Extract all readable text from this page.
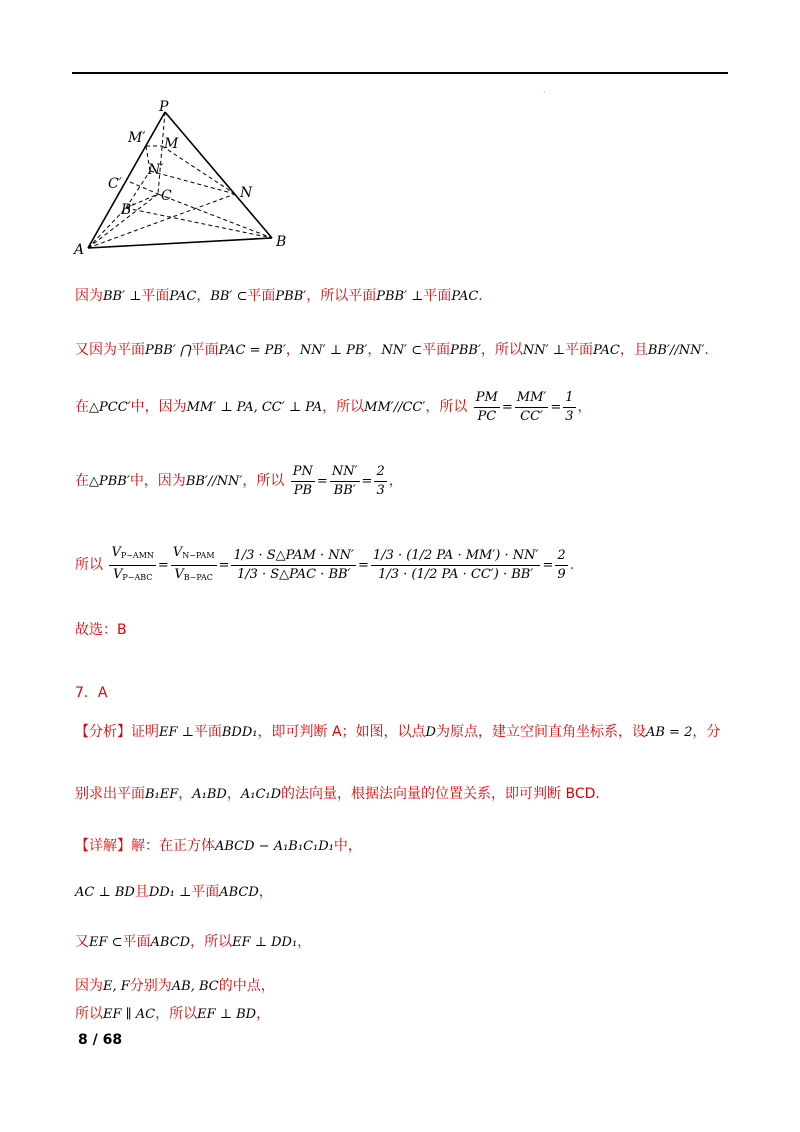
·
P
M′ M
N′
C′
C	N
B′
A	B
因为BB′ ⊥平面PAC，BB′ ⊂平面PBB′，所以平面PBB′ ⊥平面PAC.
又因为平面PBB′ ⋂平面PAC = PB′，NN′ ⊥ PB′，NN′ ⊂平面PBB′，所以NN′ ⊥平面PAC，且BB′//NN′.
在△PCC′中，因为MM′ ⊥ PA, CC′ ⊥ PA，所以MM′//CC′，所以 $\frac{PM}{PC} = \frac{MM'}{CC'} = \frac{1}{3}$ ，
在△PBB′中，因为BB′//NN′，所以 $\frac{PN}{PB} = \frac{NN'}{BB'} = \frac{2}{3}$ ，
所以 $\frac{V_{P-AMN}}{V_{P-ABC}} = \frac{V_{N-PAM}}{V_{B-PAC}} = \frac{\text{1/3 · S△PAM · NN′}}{\text{1/3 · S△PAC · BB′}} = \frac{1/3 \cdot (1/2 PA \cdot MM') \cdot NN'}{1/3 \cdot (1/2 PA \cdot CC') \cdot BB'} = \frac{2}{9}$ .
故选：B
7．A
【分析】证明EF ⊥平面BDD₁，即可判断 A；如图，以点D为原点，建立空间直角坐标系，设AB = 2，分
别求出平面B₁EF，A₁BD，A₁C₁D的法向量，根据法向量的位置关系，即可判断 BCD.
【详解】解：在正方体ABCD − A₁B₁C₁D₁中，
AC ⊥ BD且DD₁ ⊥平面ABCD，
又EF ⊂平面ABCD，所以EF ⊥ DD₁，
因为E, F分别为AB, BC的中点，
所以EF ∥ AC，所以EF ⊥ BD，
8 / 68
